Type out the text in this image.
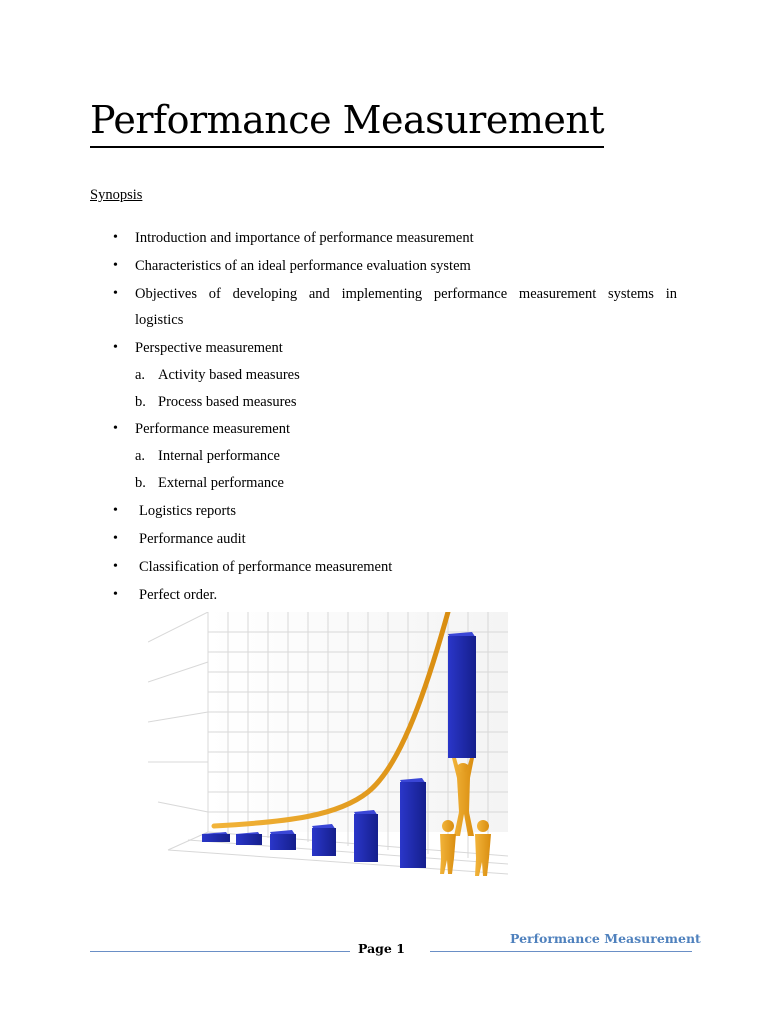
Performance Measurement
Synopsis
• Introduction and importance of performance measurement
• Characteristics of an ideal performance evaluation system
• Objectives of developing and implementing performance measurement systems in
logistics
• Perspective measurement
a. Activity based measures
b. Process based measures
• Performance measurement
a. Internal performance
b. External performance
• Logistics reports
• Performance audit
• Classification of performance measurement
• Perfect order.
Page 1
Performance Measurement
